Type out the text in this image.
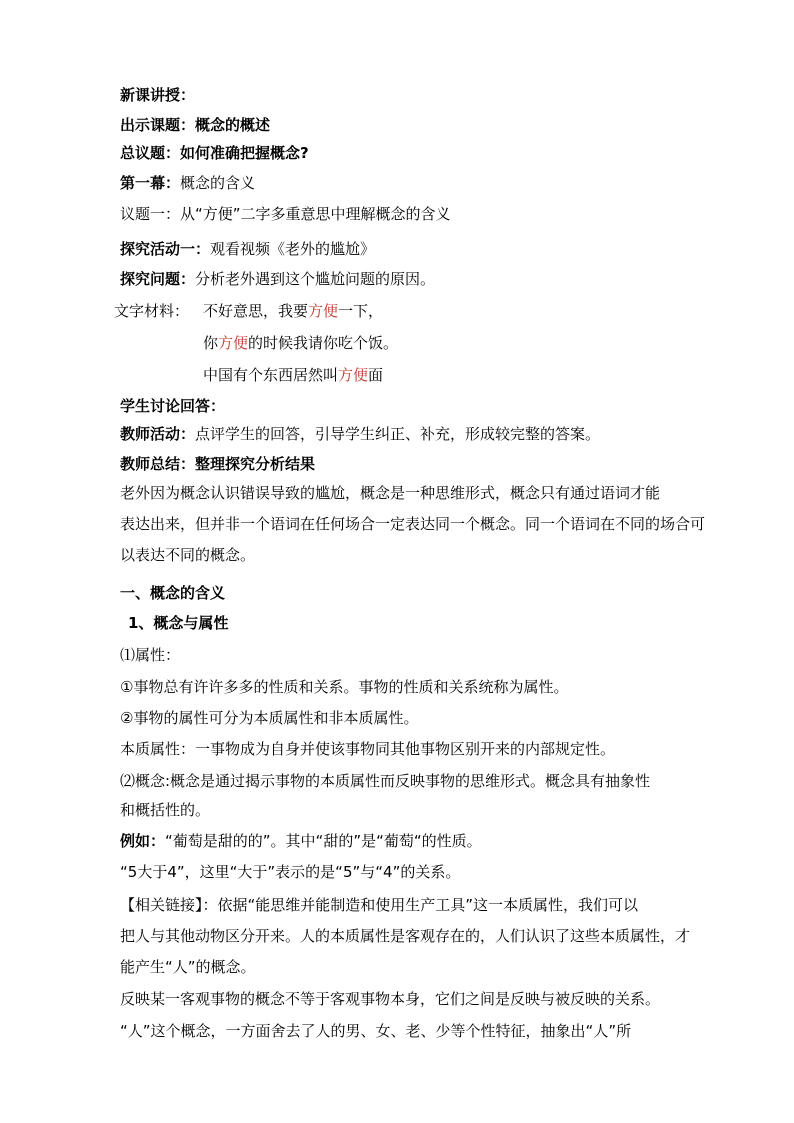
新课讲授：
出示课题：概念的概述
总议题：如何准确把握概念?
第一幕：概念的含义
议题一：从“方便”二字多重意思中理解概念的含义
探究活动一：观看视频《老外的尴尬》
探究问题：分析老外遇到这个尴尬问题的原因。
文字材料： 不好意思，我要方便一下，
你方便的时候我请你吃个饭。
中国有个东西居然叫方便面
学生讨论回答：
教师活动：点评学生的回答，引导学生纠正、补充，形成较完整的答案。
教师总结：整理探究分析结果
老外因为概念认识错误导致的尴尬，概念是一种思维形式，概念只有通过语词才能
表达出来，但并非一个语词在任何场合一定表达同一个概念。同一个语词在不同的场合可
以表达不同的概念。
一、概念的含义
1、概念与属性
⑴属性：
①事物总有许许多多的性质和关系。事物的性质和关系统称为属性。
②事物的属性可分为本质属性和非本质属性。
本质属性：一事物成为自身并使该事物同其他事物区别开来的内部规定性。
⑵概念:概念是通过揭示事物的本质属性而反映事物的思维形式。概念具有抽象性
和概括性的。
例如：“葡萄是甜的的”。其中“甜的”是“葡萄“的性质。
“5大于4”，这里“大于”表示的是“5”与“4”的关系。
【相关链接】：依据“能思维并能制造和使用生产工具”这一本质属性，我们可以
把人与其他动物区分开来。人的本质属性是客观存在的，人们认识了这些本质属性，才
能产生“人”的概念。
反映某一客观事物的概念不等于客观事物本身，它们之间是反映与被反映的关系。
“人”这个概念，一方面舍去了人的男、女、老、少等个性特征，抽象出“人”所
